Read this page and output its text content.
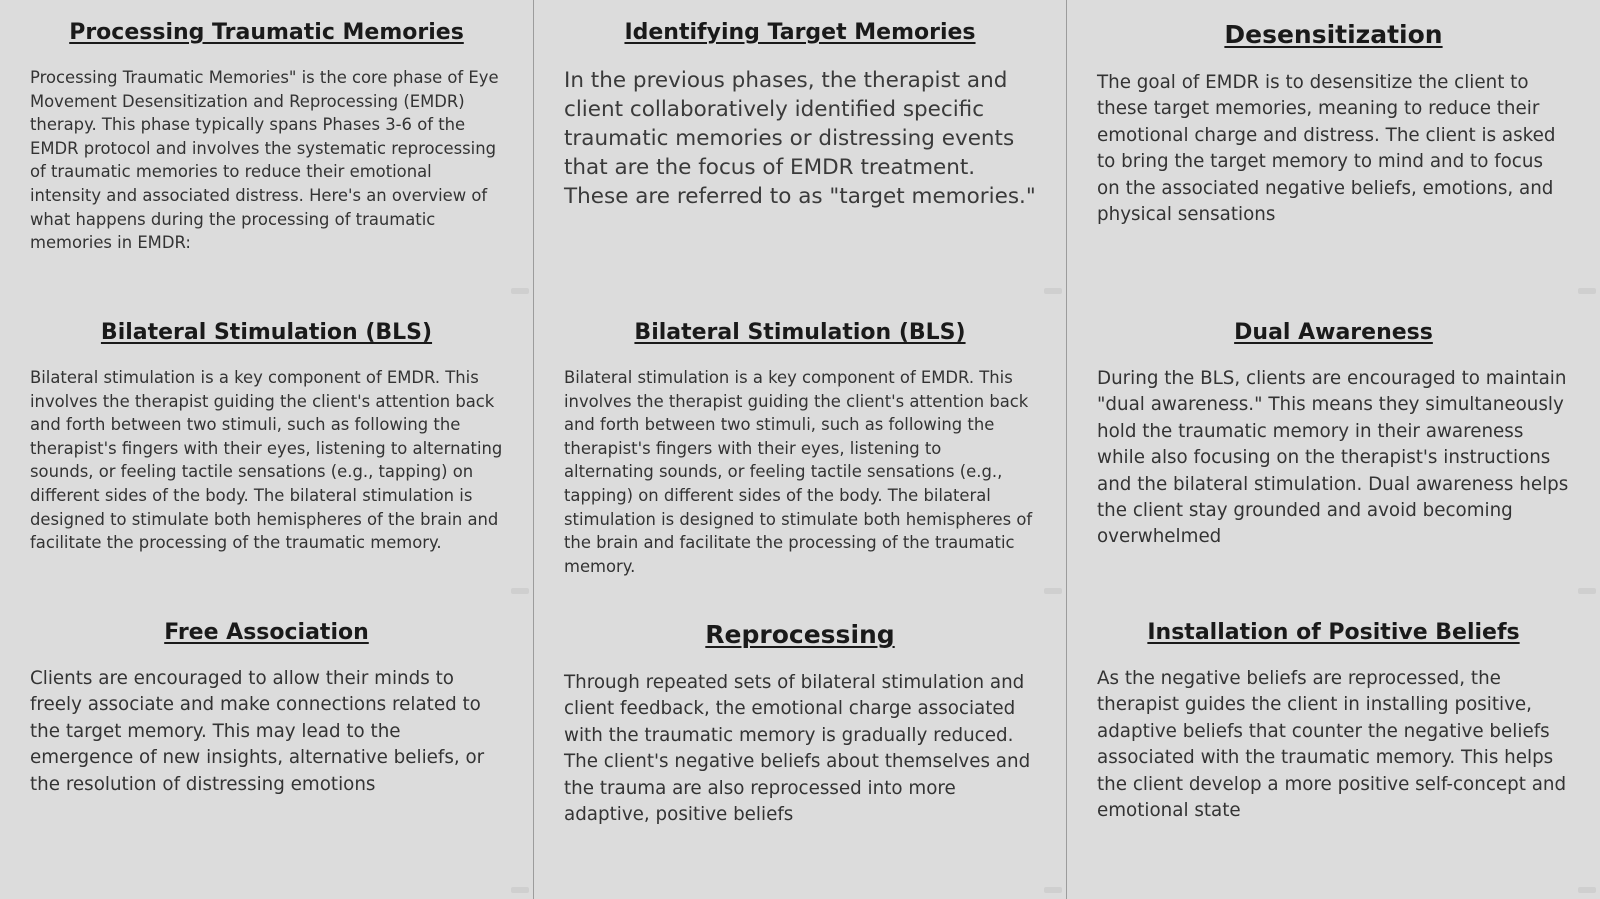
Processing Traumatic Memories

Processing Traumatic Memories" is the core phase of Eye Movement Desensitization and Reprocessing (EMDR) therapy. This phase typically spans Phases 3-6 of the EMDR protocol and involves the systematic reprocessing of traumatic memories to reduce their emotional intensity and associated distress. Here's an overview of what happens during the processing of traumatic memories in EMDR:

Identifying Target Memories

In the previous phases, the therapist and client collaboratively identified specific traumatic memories or distressing events that are the focus of EMDR treatment. These are referred to as "target memories."

Desensitization

The goal of EMDR is to desensitize the client to these target memories, meaning to reduce their emotional charge and distress. The client is asked to bring the target memory to mind and to focus on the associated negative beliefs, emotions, and physical sensations

Bilateral Stimulation (BLS)

Bilateral stimulation is a key component of EMDR. This involves the therapist guiding the client's attention back and forth between two stimuli, such as following the therapist's fingers with their eyes, listening to alternating sounds, or feeling tactile sensations (e.g., tapping) on different sides of the body. The bilateral stimulation is designed to stimulate both hemispheres of the brain and facilitate the processing of the traumatic memory.

Bilateral Stimulation (BLS)

Bilateral stimulation is a key component of EMDR. This involves the therapist guiding the client's attention back and forth between two stimuli, such as following the therapist's fingers with their eyes, listening to alternating sounds, or feeling tactile sensations (e.g., tapping) on different sides of the body. The bilateral stimulation is designed to stimulate both hemispheres of the brain and facilitate the processing of the traumatic memory.

Dual Awareness

During the BLS, clients are encouraged to maintain "dual awareness." This means they simultaneously hold the traumatic memory in their awareness while also focusing on the therapist's instructions and the bilateral stimulation. Dual awareness helps the client stay grounded and avoid becoming overwhelmed

Free Association

Clients are encouraged to allow their minds to freely associate and make connections related to the target memory. This may lead to the emergence of new insights, alternative beliefs, or the resolution of distressing emotions

Reprocessing

Through repeated sets of bilateral stimulation and client feedback, the emotional charge associated with the traumatic memory is gradually reduced. The client's negative beliefs about themselves and the trauma are also reprocessed into more adaptive, positive beliefs

Installation of Positive Beliefs

As the negative beliefs are reprocessed, the therapist guides the client in installing positive, adaptive beliefs that counter the negative beliefs associated with the traumatic memory. This helps the client develop a more positive self-concept and emotional state
